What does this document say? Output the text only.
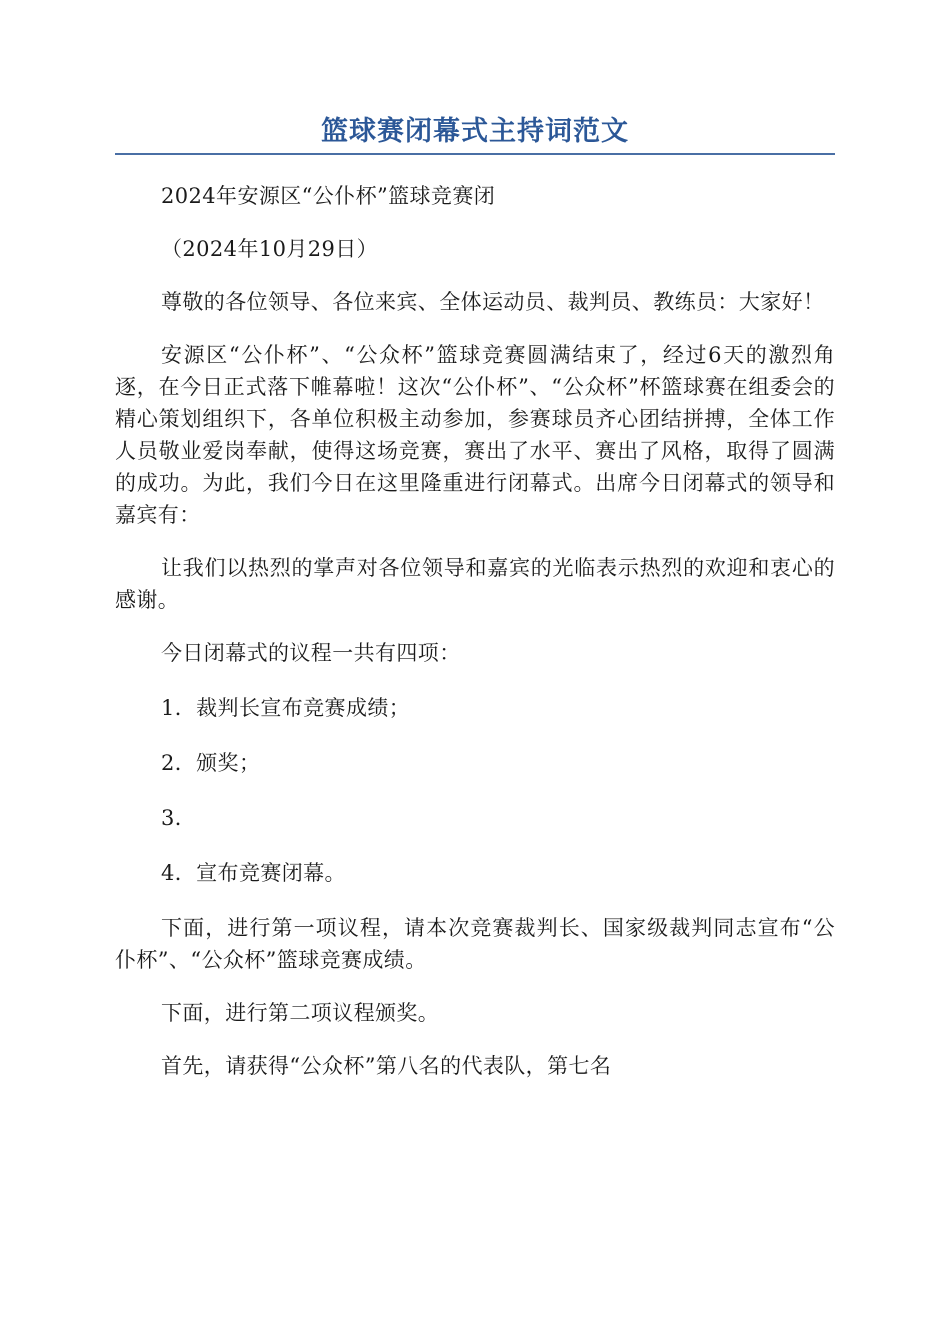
篮球赛闭幕式主持词范文

2024年安源区“公仆杯”篮球竞赛闭

（2024年10月29日）

尊敬的各位领导、各位来宾、全体运动员、裁判员、教练员：大家好！

安源区“公仆杯”、“公众杯”篮球竞赛圆满结束了，经过6天的激烈角逐，在今日正式落下帷幕啦！这次“公仆杯”、“公众杯”杯篮球赛在组委会的精心策划组织下，各单位积极主动参加，参赛球员齐心团结拼搏，全体工作人员敬业爱岗奉献，使得这场竞赛，赛出了水平、赛出了风格，取得了圆满的成功。为此，我们今日在这里隆重进行闭幕式。出席今日闭幕式的领导和嘉宾有：

让我们以热烈的掌声对各位领导和嘉宾的光临表示热烈的欢迎和衷心的感谢。

今日闭幕式的议程一共有四项：

1．裁判长宣布竞赛成绩；

2．颁奖；

3．

4．宣布竞赛闭幕。

下面，进行第一项议程，请本次竞赛裁判长、国家级裁判同志宣布“公仆杯”、“公众杯”篮球竞赛成绩。

下面，进行第二项议程颁奖。

首先，请获得“公众杯”第八名的代表队，第七名
